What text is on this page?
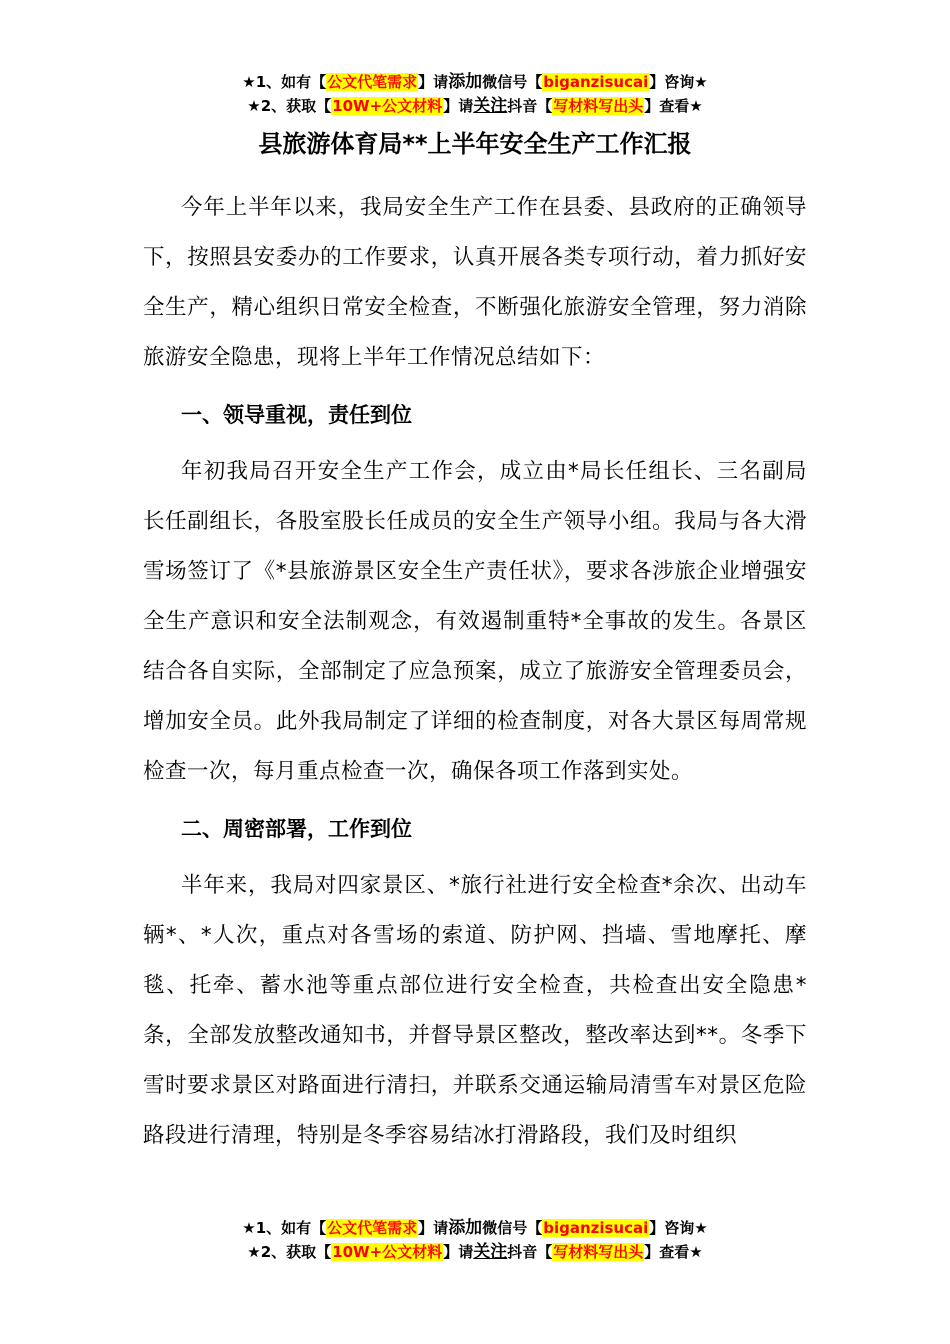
★1、如有【公文代笔需求】请添加微信号【biganzisucai】咨询★
★2、获取【10W+公文材料】请关注抖音【写材料写出头】查看★
县旅游体育局**上半年安全生产工作汇报

今年上半年以来，我局安全生产工作在县委、县政府的正确领导下，按照县安委办的工作要求，认真开展各类专项行动，着力抓好安全生产，精心组织日常安全检查，不断强化旅游安全管理，努力消除旅游安全隐患，现将上半年工作情况总结如下：

一、领导重视，责任到位

年初我局召开安全生产工作会，成立由*局长任组长、三名副局长任副组长，各股室股长任成员的安全生产领导小组。我局与各大滑雪场签订了《*县旅游景区安全生产责任状》，要求各涉旅企业增强安全生产意识和安全法制观念，有效遏制重特*全事故的发生。各景区结合各自实际，全部制定了应急预案，成立了旅游安全管理委员会，增加安全员。此外我局制定了详细的检查制度，对各大景区每周常规检查一次，每月重点检查一次，确保各项工作落到实处。

二、周密部署，工作到位

半年来，我局对四家景区、*旅行社进行安全检查*余次、出动车辆*、*人次，重点对各雪场的索道、防护网、挡墙、雪地摩托、摩毯、托牵、蓄水池等重点部位进行安全检查，共检查出安全隐患*条，全部发放整改通知书，并督导景区整改，整改率达到**。冬季下雪时要求景区对路面进行清扫，并联系交通运输局清雪车对景区危险路段进行清理，特别是冬季容易结冰打滑路段，我们及时组织

★1、如有【公文代笔需求】请添加微信号【biganzisucai】咨询★
★2、获取【10W+公文材料】请关注抖音【写材料写出头】查看★
